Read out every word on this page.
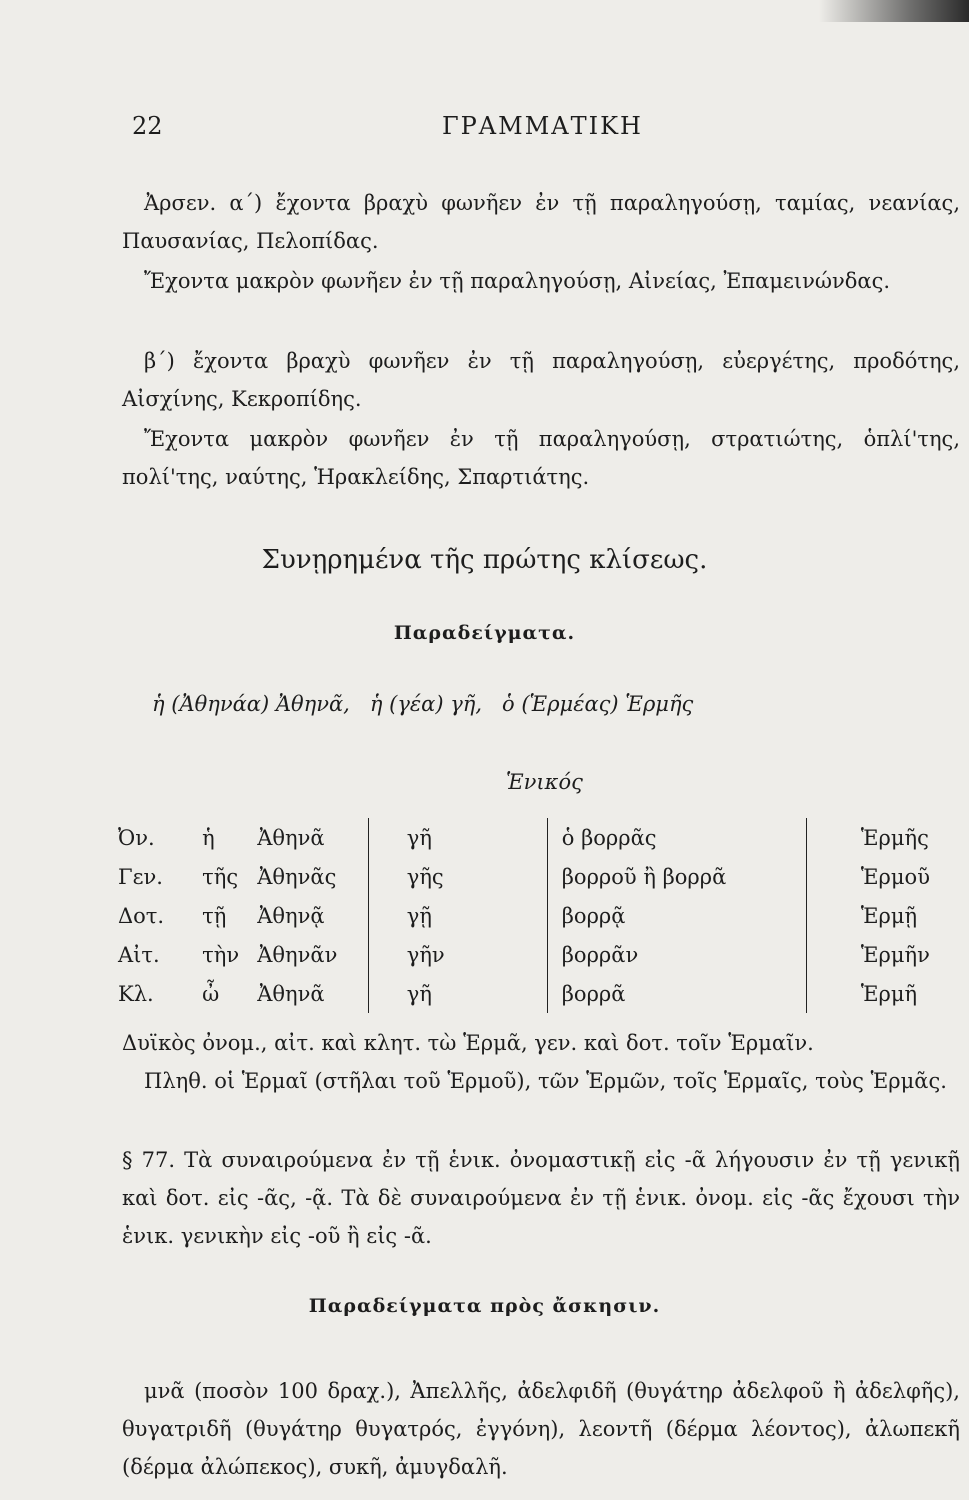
22	ΓΡΑΜΜΑΤΙΚΗ

Ἀρσεν. α΄) ἔχοντα βραχὺ φωνῆεν ἐν τῇ παραληγούσῃ, ταμίας, νεανίας, Παυσανίας, Πελοπίδας.

Ἔχοντα μακρὸν φωνῆεν ἐν τῇ παραληγούσῃ, Αἰνείας, Ἐπαμεινώνδας.

β΄) ἔχοντα βραχὺ φωνῆεν ἐν τῇ παραληγούσῃ, εὐεργέτης, προδότης, Αἰσχίνης, Κεκροπίδης.

Ἔχοντα μακρὸν φωνῆεν ἐν τῇ παραληγούσῃ, στρατιώτης, ὁπλί'της, πολί'της, ναύτης, Ἡρακλείδης, Σπαρτιάτης.

Συνῃρημένα τῆς πρώτης κλίσεως.
Παραδείγματα.
ἡ (Ἀθηνάα) Ἀθηνᾶ,   ἡ (γέα) γῆ,   ὁ (Ἑρμέας) Ἑρμῆς
Ἑνικός
Ὀν.	ἡ	Ἀθηνᾶ	γῆ	ὁ βορρᾶς	Ἑρμῆς
Γεν.	τῆς	Ἀθηνᾶς	γῆς	βορροῦ ἢ βορρᾶ	Ἑρμοῦ
Δοτ.	τῇ	Ἀθηνᾷ	γῇ	βορρᾷ	Ἑρμῇ
Αἰτ.	τὴν	Ἀθηνᾶν	γῆν	βορρᾶν	Ἑρμῆν
Κλ.	ὦ	Ἀθηνᾶ	γῆ	βορρᾶ	Ἑρμῆ

Δυϊκὸς ὀνομ., αἰτ. καὶ κλητ. τὼ Ἑρμᾶ, γεν. καὶ δοτ. τοῖν Ἑρμαῖν.

Πληθ. οἱ Ἑρμαῖ (στῆλαι τοῦ Ἑρμοῦ), τῶν Ἑρμῶν, τοῖς Ἑρμαῖς, τοὺς Ἑρμᾶς.

§ 77. Τὰ συναιρούμενα ἐν τῇ ἑνικ. ὀνομαστικῇ εἰς -ᾶ λήγουσιν ἐν τῇ γενικῇ καὶ δοτ. εἰς -ᾶς, -ᾷ. Τὰ δὲ συναιρούμενα ἐν τῇ ἑνικ. ὀνομ. εἰς -ᾶς ἔχουσι τὴν ἑνικ. γενικὴν εἰς -οῦ ἢ εἰς -ᾶ.

Παραδείγματα πρὸς ἄσκησιν.

μνᾶ (ποσὸν 100 δραχ.), Ἀπελλῆς, ἀδελφιδῆ (θυγάτηρ ἀδελφοῦ ἢ ἀδελφῆς), θυγατριδῆ (θυγάτηρ θυγατρός, ἐγγόνη), λεοντῆ (δέρμα λέοντος), ἀλωπεκῆ (δέρμα ἀλώπεκος), συκῆ, ἀμυγδαλῆ.
